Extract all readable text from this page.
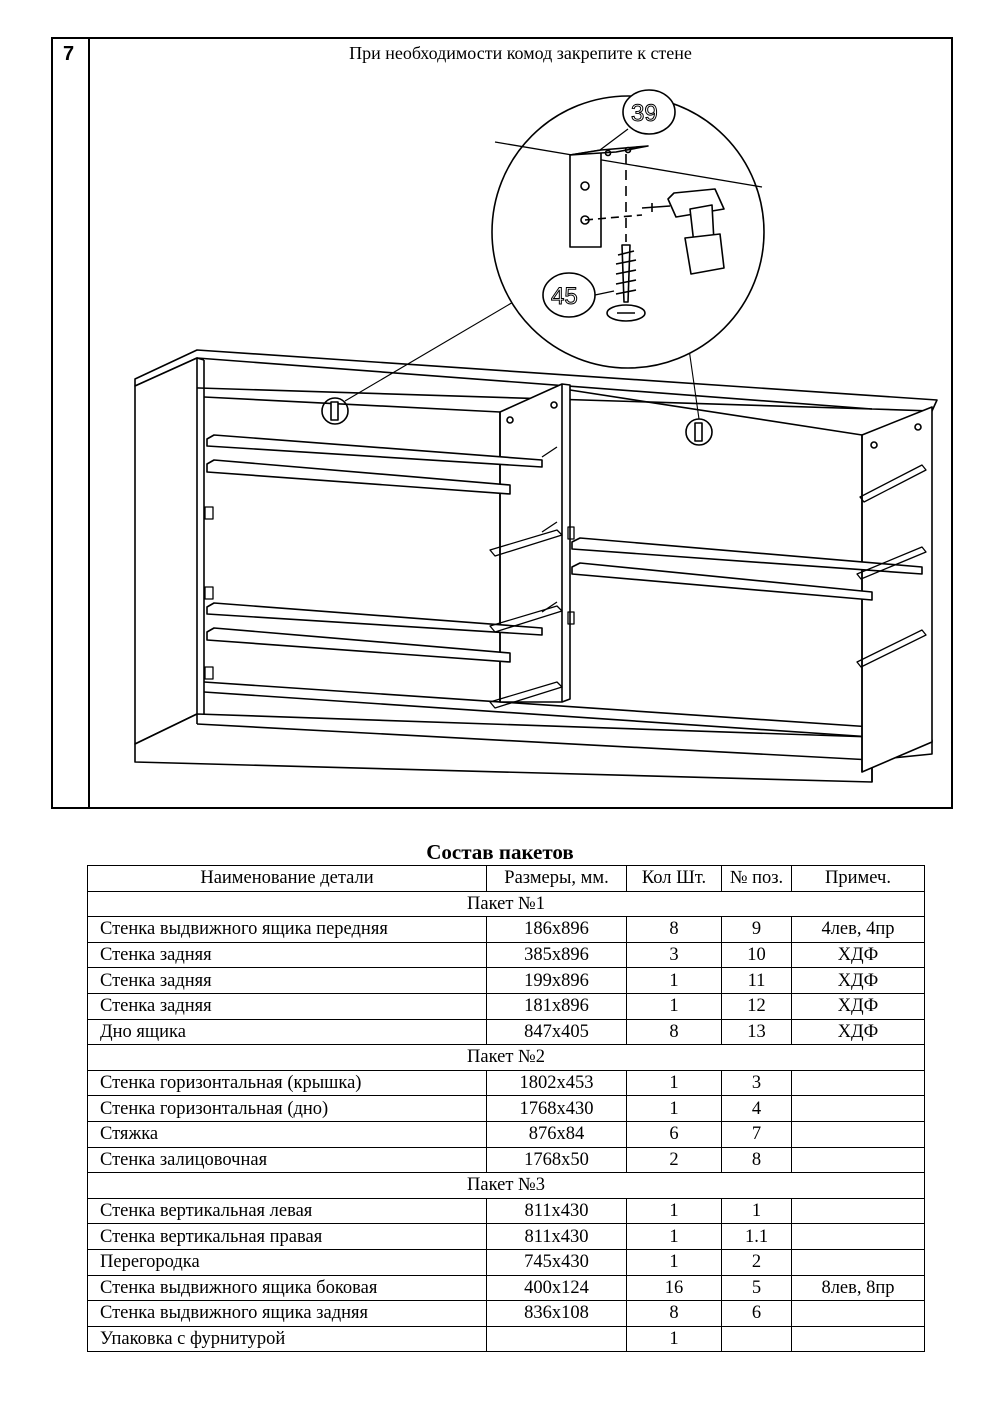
7	При необходимости комод закрепите к стене
39
45
Состав пакетов
Наименование детали	Размеры, мм.	Кол Шт.	№ поз.	Примеч.
Пакет №1				
Стенка выдвижного ящика передняя	186х896	8	9	4лев, 4пр
Стенка задняя	385х896	3	10	ХДФ
Стенка задняя	199х896	1	11	ХДФ
Стенка задняя	181х896	1	12	ХДФ
Дно ящика	847х405	8	13	ХДФ
Пакет №2				
Стенка горизонтальная (крышка)	1802х453	1	3	
Стенка горизонтальная (дно)	1768х430	1	4	
Стяжка	876х84	6	7	
Стенка залицовочная	1768х50	2	8	
Пакет №3				
Стенка вертикальная левая	811х430	1	1	
Стенка вертикальная правая	811х430	1	1.1	
Перегородка	745х430	1	2	
Стенка выдвижного ящика боковая	400х124	16	5	8лев, 8пр
Стенка выдвижного ящика задняя	836х108	8	6	
Упаковка с фурнитурой		1		
